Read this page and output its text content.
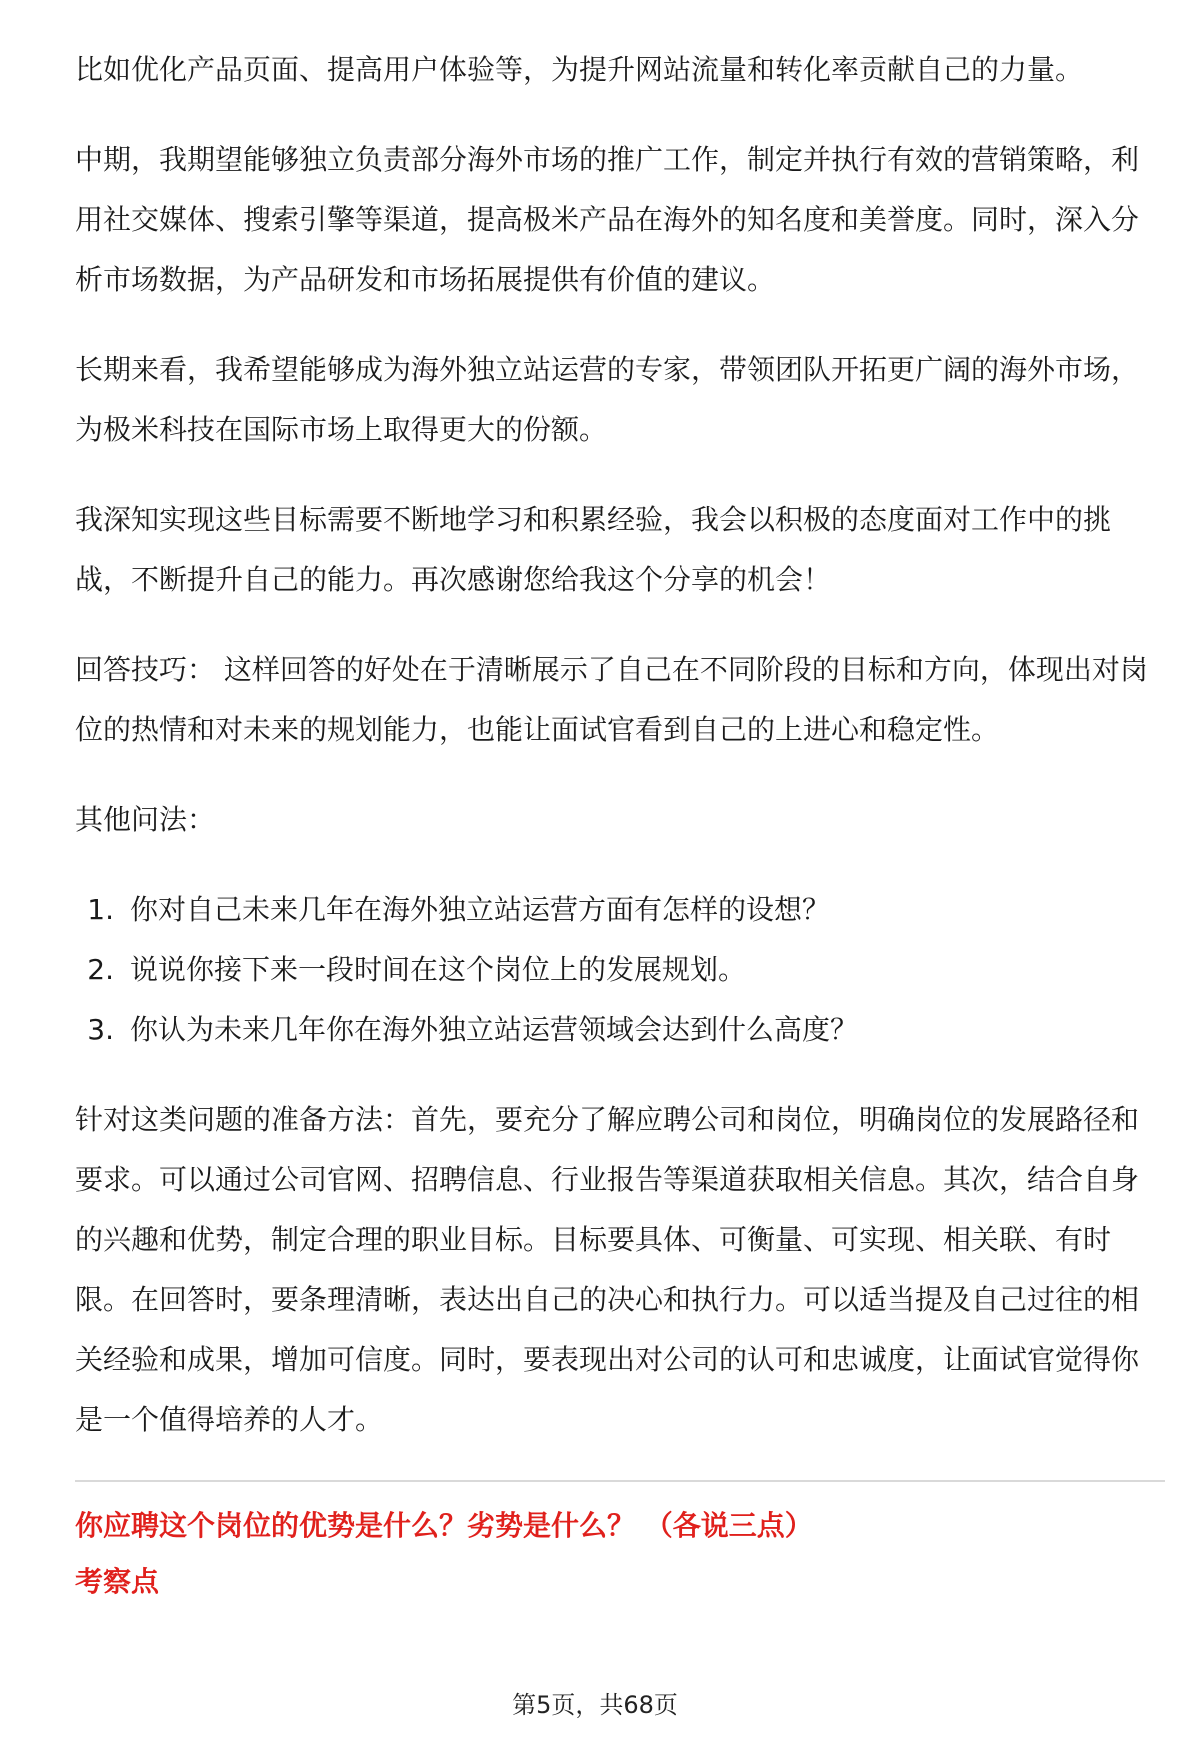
比如优化产品页面、提高用户体验等，为提升网站流量和转化率贡献自己的力量。

中期，我期望能够独立负责部分海外市场的推广工作，制定并执行有效的营销策略，利用社交媒体、搜索引擎等渠道，提高极米产品在海外的知名度和美誉度。同时，深入分析市场数据，为产品研发和市场拓展提供有价值的建议。

长期来看，我希望能够成为海外独立站运营的专家，带领团队开拓更广阔的海外市场，为极米科技在国际市场上取得更大的份额。

我深知实现这些目标需要不断地学习和积累经验，我会以积极的态度面对工作中的挑战，不断提升自己的能力。再次感谢您给我这个分享的机会！

回答技巧： 这样回答的好处在于清晰展示了自己在不同阶段的目标和方向，体现出对岗位的热情和对未来的规划能力，也能让面试官看到自己的上进心和稳定性。

其他问法：

1. 你对自己未来几年在海外独立站运营方面有怎样的设想？
2. 说说你接下来一段时间在这个岗位上的发展规划。
3. 你认为未来几年你在海外独立站运营领域会达到什么高度？

针对这类问题的准备方法：首先，要充分了解应聘公司和岗位，明确岗位的发展路径和要求。可以通过公司官网、招聘信息、行业报告等渠道获取相关信息。其次，结合自身的兴趣和优势，制定合理的职业目标。目标要具体、可衡量、可实现、相关联、有时限。在回答时，要条理清晰，表达出自己的决心和执行力。可以适当提及自己过往的相关经验和成果，增加可信度。同时，要表现出对公司的认可和忠诚度，让面试官觉得你是一个值得培养的人才。

你应聘这个岗位的优势是什么？劣势是什么？ （各说三点）
考察点
第5页，共68页
